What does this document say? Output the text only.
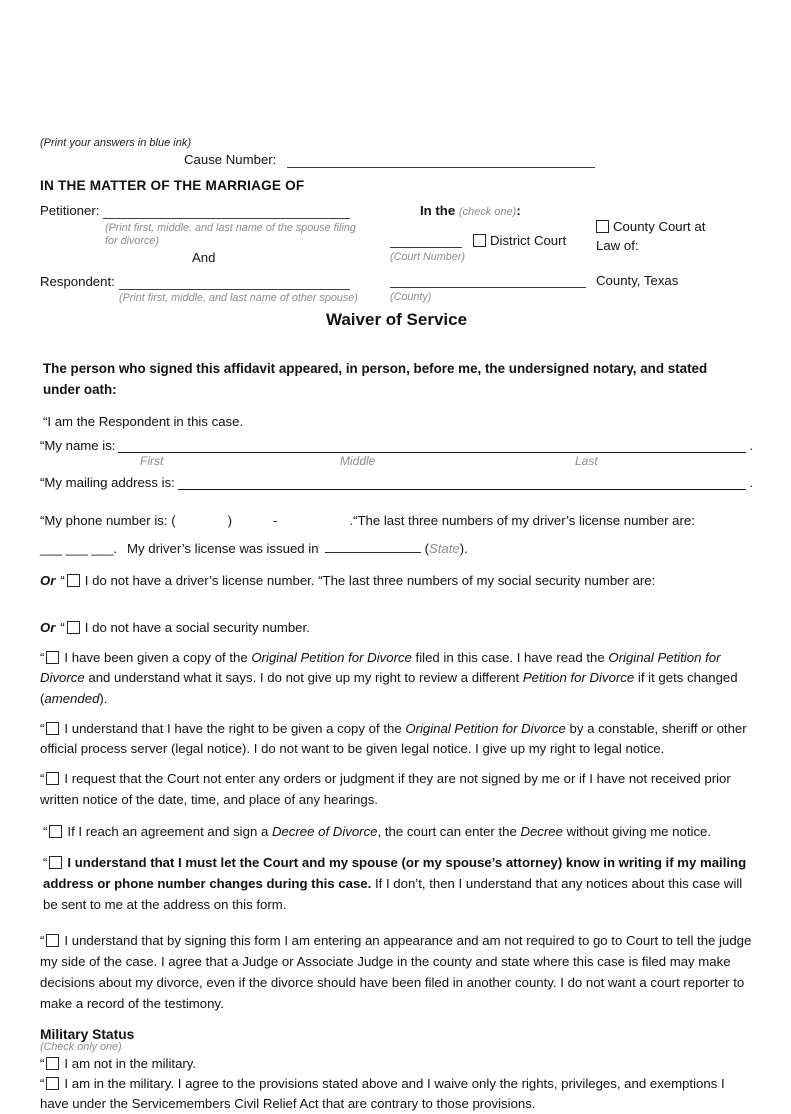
(Print your answers in blue ink)
Cause Number:
IN THE MATTER OF THE MARRIAGE OF
Petitioner:
(Print first, middle, and last name of the spouse filing for divorce)
And
Respondent:
(Print first, middle, and last name of other spouse)
In the (check one):
District Court
(Court Number)
County Court at
Law of:
County, Texas
(County)
Waiver of Service
The person who signed this affidavit appeared, in person, before me, the undersigned notary, and stated under oath:
“I am the Respondent in this case.
“My name is:	.
First	Middle	Last
“My mailing address is:	.
“My phone number is: (	)	-	.“The last three numbers of my driver’s license number are:
___ ___ ___. My driver’s license was issued in	(State).
Or “ I do not have a driver’s license number. “The last three numbers of my social security number are:
Or “ I do not have a social security number.
“ I have been given a copy of the Original Petition for Divorce filed in this case. I have read the Original Petition for Divorce and understand what it says. I do not give up my right to review a different Petition for Divorce if it gets changed (amended).
“ I understand that I have the right to be given a copy of the Original Petition for Divorce by a constable, sheriff or other official process server (legal notice). I do not want to be given legal notice. I give up my right to legal notice.
“ I request that the Court not enter any orders or judgment if they are not signed by me or if I have not received prior written notice of the date, time, and place of any hearings.
“ If I reach an agreement and sign a Decree of Divorce, the court can enter the Decree without giving me notice.
“ I understand that I must let the Court and my spouse (or my spouse’s attorney) know in writing if my mailing address or phone number changes during this case. If I don’t, then I understand that any notices about this case will be sent to me at the address on this form.
“ I understand that by signing this form I am entering an appearance and am not required to go to Court to tell the judge my side of the case. I agree that a Judge or Associate Judge in the county and state where this case is filed may make decisions about my divorce, even if the divorce should have been filed in another county. I do not want a court reporter to make a record of the testimony.
Military Status
(Check only one)
“ I am not in the military.
“ I am in the military. I agree to the provisions stated above and I waive only the rights, privileges, and exemptions I have under the Servicemembers Civil Relief Act that are contrary to those provisions.
